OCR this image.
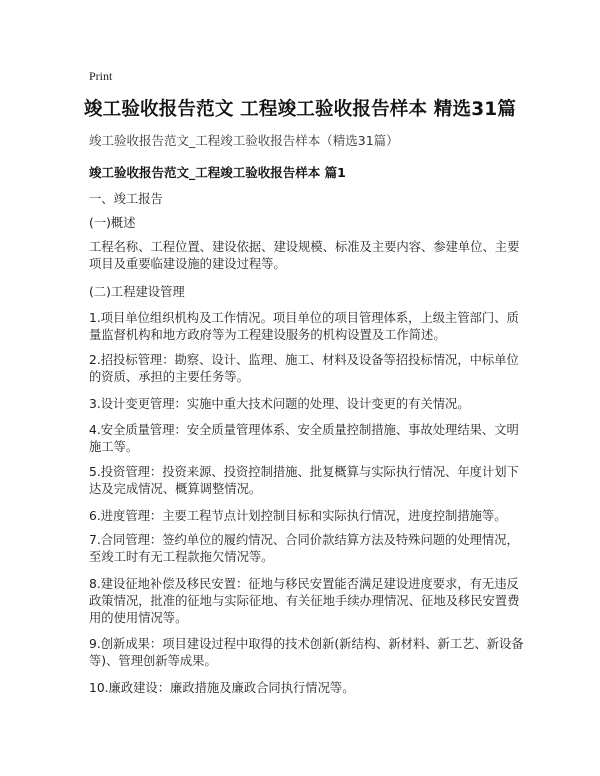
Print
竣工验收报告范文 工程竣工验收报告样本 精选31篇
竣工验收报告范文_工程竣工验收报告样本（精选31篇）
竣工验收报告范文_工程竣工验收报告样本 篇1

一、竣工报告

(一)概述

工程名称、工程位置、建设依据、建设规模、标准及主要内容、参建单位、主要项目及重要临建设施的建设过程等。

(二)工程建设管理

1.项目单位组织机构及工作情况。项目单位的项目管理体系，上级主管部门、质量监督机构和地方政府等为工程建设服务的机构设置及工作简述。

2.招投标管理：勘察、设计、监理、施工、材料及设备等招投标情况，中标单位的资质、承担的主要任务等。

3.设计变更管理：实施中重大技术问题的处理、设计变更的有关情况。

4.安全质量管理：安全质量管理体系、安全质量控制措施、事故处理结果、文明施工等。

5.投资管理：投资来源、投资控制措施、批复概算与实际执行情况、年度计划下达及完成情况、概算调整情况。

6.进度管理：主要工程节点计划控制目标和实际执行情况，进度控制措施等。

7.合同管理：签约单位的履约情况、合同价款结算方法及特殊问题的处理情况，至竣工时有无工程款拖欠情况等。

8.建设征地补偿及移民安置：征地与移民安置能否满足建设进度要求，有无违反政策情况，批准的征地与实际征地、有关征地手续办理情况、征地及移民安置费用的使用情况等。

9.创新成果：项目建设过程中取得的技术创新(新结构、新材料、新工艺、新设备等)、管理创新等成果。

10.廉政建设：廉政措施及廉政合同执行情况等。
